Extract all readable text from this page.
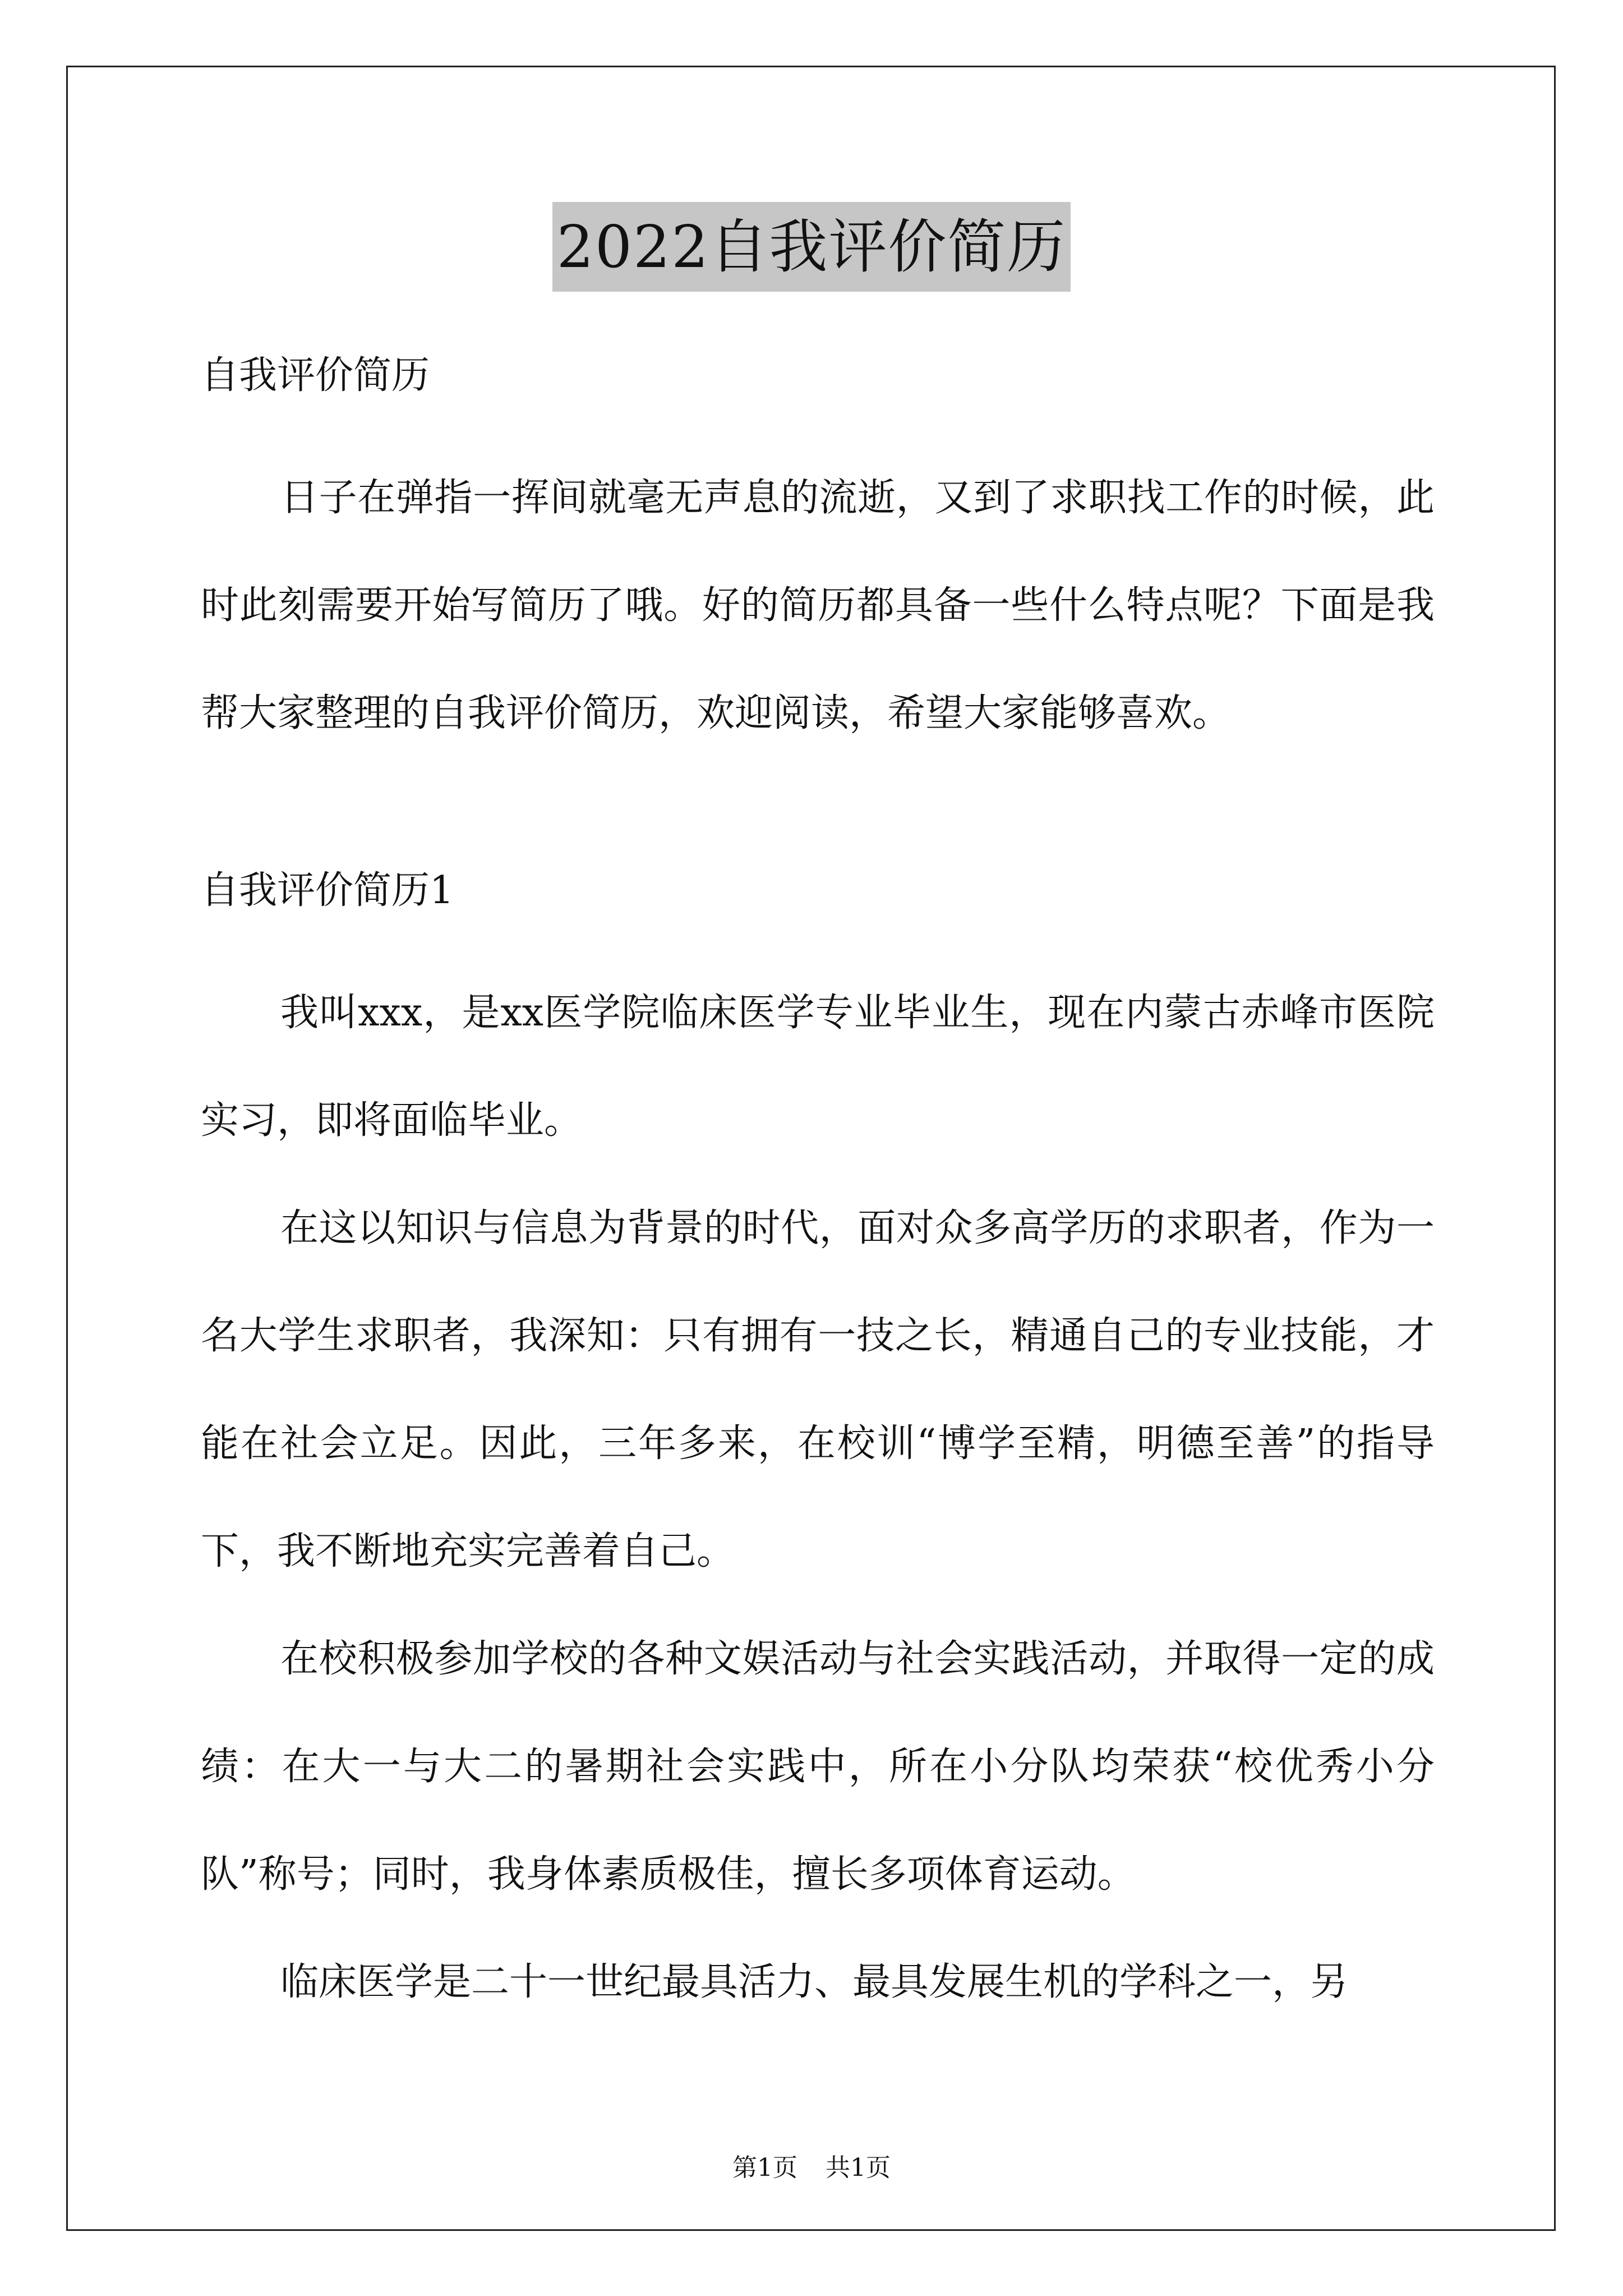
2022自我评价简历

自我评价简历

日子在弹指一挥间就毫无声息的流逝，又到了求职找工作的时候，此时此刻需要开始写简历了哦。好的简历都具备一些什么特点呢？下面是我帮大家整理的自我评价简历，欢迎阅读，希望大家能够喜欢。

自我评价简历1

我叫xxx，是xx医学院临床医学专业毕业生，现在内蒙古赤峰市医院实习，即将面临毕业。

在这以知识与信息为背景的时代，面对众多高学历的求职者，作为一名大学生求职者，我深知：只有拥有一技之长，精通自己的专业技能，才能在社会立足。因此，三年多来，在校训“博学至精，明德至善”的指导下，我不断地充实完善着自己。

在校积极参加学校的各种文娱活动与社会实践活动，并取得一定的成绩：在大一与大二的暑期社会实践中，所在小分队均荣获“校优秀小分队”称号；同时，我身体素质极佳，擅长多项体育运动。

临床医学是二十一世纪最具活力、最具发展生机的学科之一，另

第1页 共1页
